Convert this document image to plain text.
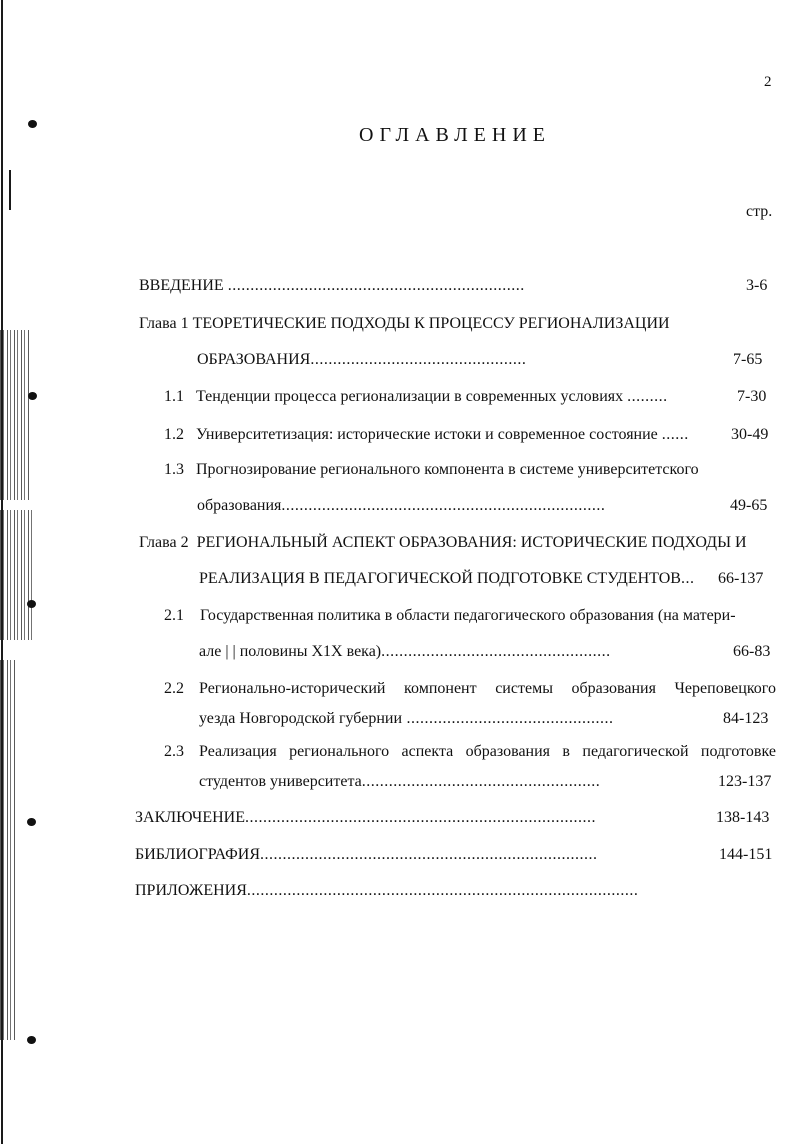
2
ОГЛАВЛЕНИЕ
стр.
ВВЕДЕНИЕ ..................................................................	3-6
Глава 1 ТЕОРЕТИЧЕСКИЕ ПОДХОДЫ К ПРОЦЕССУ РЕГИОНАЛИЗАЦИИ
ОБРАЗОВАНИЯ................................................	7-65
1.1 Тенденции процесса регионализации в современных условиях .........	7-30
1.2 Университетизация: исторические истоки и современное состояние ......	30-49
1.3 Прогнозирование регионального компонента в системе университетского
образования........................................................................	49-65
Глава 2 РЕГИОНАЛЬНЫЙ АСПЕКТ ОБРАЗОВАНИЯ: ИСТОРИЧЕСКИЕ ПОДХОДЫ И
РЕАЛИЗАЦИЯ В ПЕДАГОГИЧЕСКОЙ ПОДГОТОВКЕ СТУДЕНТОВ... 66-137
2.1 Государственная политика в области педагогического образования (на матери-
але | | половины Х1Х века)...................................................	66-83
2.2 Регионально-исторический компонент системы образования Череповецкого
уезда Новгородской губернии ..............................................	84-123
2.3 Реализация регионального аспекта образования в педагогической подготовке
студентов университета.....................................................	123-137
ЗАКЛЮЧЕНИЕ..............................................................................	138-143
БИБЛИОГРАФИЯ...........................................................................	144-151
ПРИЛОЖЕНИЯ.......................................................................................
